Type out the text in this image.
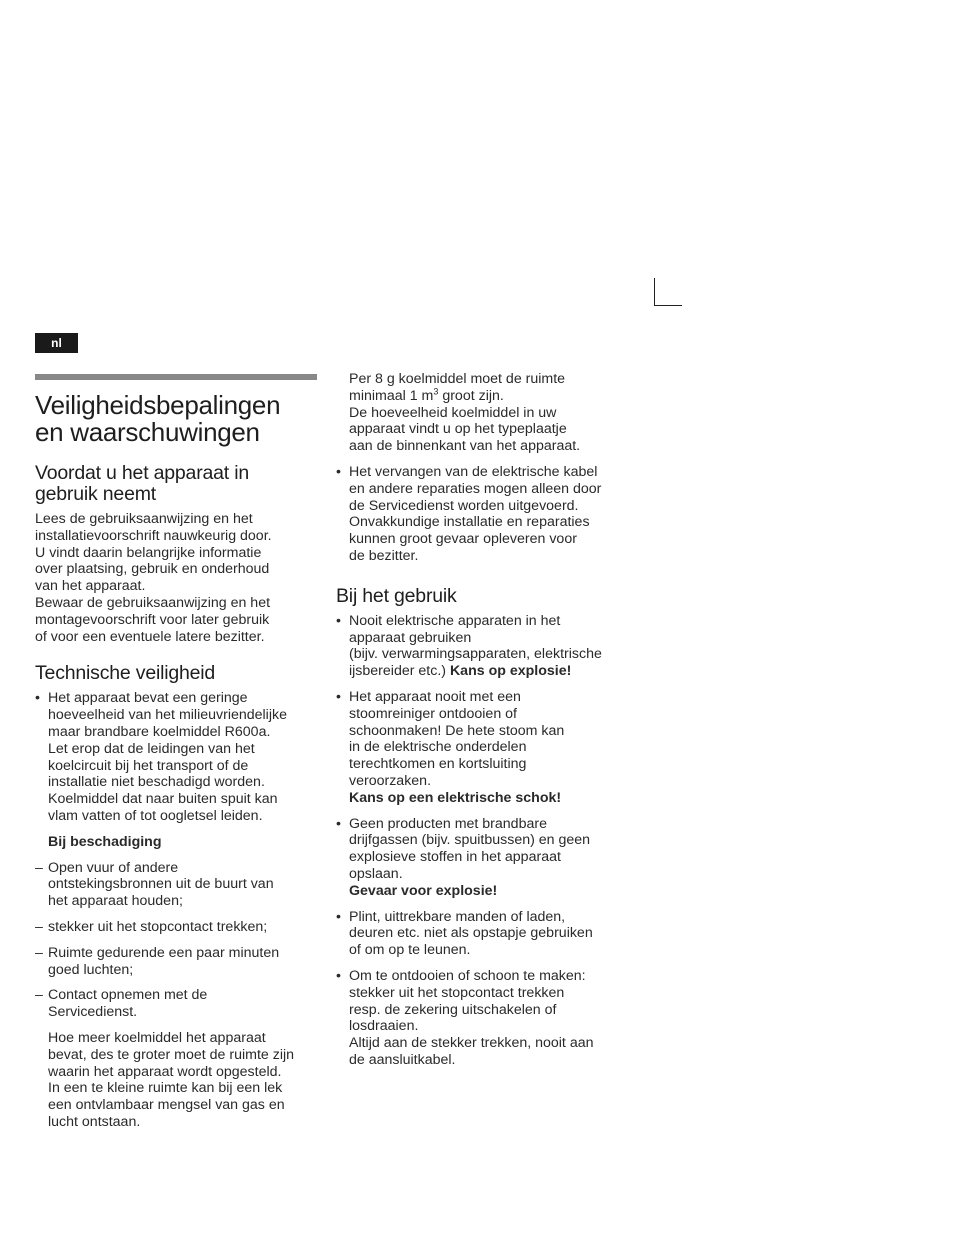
nl
Veiligheidsbepalingen
en waarschuwingen
Voordat u het apparaat in
gebruik neemt
Lees de gebruiksaanwijzing en het
installatievoorschrift nauwkeurig door.
U vindt daarin belangrijke informatie
over plaatsing, gebruik en onderhoud
van het apparaat.
Bewaar de gebruiksaanwijzing en het
montagevoorschrift voor later gebruik
of voor een eventuele latere bezitter.
Technische veiligheid
• Het apparaat bevat een geringe
hoeveelheid van het milieuvriendelijke
maar brandbare koelmiddel R600a.
Let erop dat de leidingen van het
koelcircuit bij het transport of de
installatie niet beschadigd worden.
Koelmiddel dat naar buiten spuit kan
vlam vatten of tot oogletsel leiden.
Bij beschadiging
– Open vuur of andere
ontstekingsbronnen uit de buurt van
het apparaat houden;
– stekker uit het stopcontact trekken;
– Ruimte gedurende een paar minuten
goed luchten;
– Contact opnemen met de
Servicedienst.
Hoe meer koelmiddel het apparaat
bevat, des te groter moet de ruimte zijn
waarin het apparaat wordt opgesteld.
In een te kleine ruimte kan bij een lek
een ontvlambaar mengsel van gas en
lucht ontstaan.
Per 8 g koelmiddel moet de ruimte
minimaal 1 $m^3$ groot zijn.
De hoeveelheid koelmiddel in uw
apparaat vindt u op het typeplaatje
aan de binnenkant van het apparaat.
• Het vervangen van de elektrische kabel
en andere reparaties mogen alleen door
de Servicedienst worden uitgevoerd.
Onvakkundige installatie en reparaties
kunnen groot gevaar opleveren voor
de bezitter.
Bij het gebruik
• Nooit elektrische apparaten in het
apparaat gebruiken
(bijv. verwarmingsapparaten, elektrische
ijsbereider etc.) Kans op explosie!
• Het apparaat nooit met een
stoomreiniger ontdooien of
schoonmaken! De hete stoom kan
in de elektrische onderdelen
terechtkomen en kortsluiting
veroorzaken.
Kans op een elektrische schok!
• Geen producten met brandbare
drijfgassen (bijv. spuitbussen) en geen
explosieve stoffen in het apparaat
opslaan.
Gevaar voor explosie!
• Plint, uittrekbare manden of laden,
deuren etc. niet als opstapje gebruiken
of om op te leunen.
• Om te ontdooien of schoon te maken:
stekker uit het stopcontact trekken
resp. de zekering uitschakelen of
losdraaien.
Altijd aan de stekker trekken, nooit aan
de aansluitkabel.
